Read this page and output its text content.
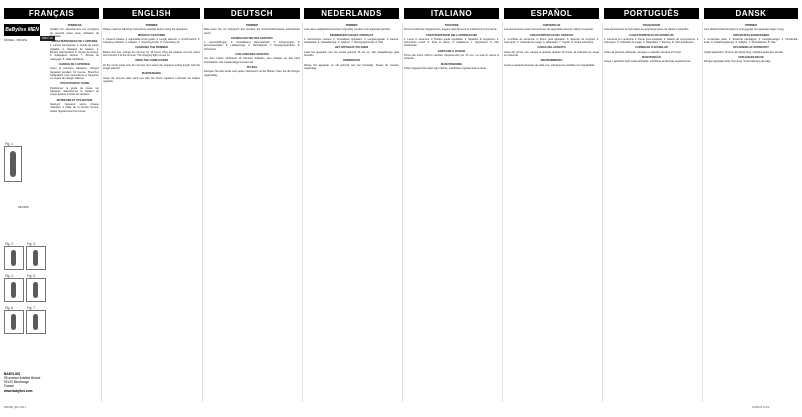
FRANÇAIS	ENGLISH	DEUTSCH	NEDERLANDS	ITALIANO	ESPAÑOL	PORTUGUÊS	DANSK
BaByliss MEN
MODEL: 3834PE	PRO 10
3834PE
Fig. 1
Fig. 2	Fig. 3
Fig. 4	Fig. 5
Fig. 6	Fig. 7
BABYLISS
99 avenue Aristide Briand
92120 Montrouge
France
www.babyliss.com
TONDEUSE
Veuillez lire attentivement les consignes de sécurité avant toute utilisation de l'appareil.
CARACTÉRISTIQUES DE L'APPAREIL
1. Lames céramiques. 2. Guide de coupe réglable. 3. Variateur de hauteur. 4. Bouton marche/arrêt. 5. Voyant de charge. 6. Adaptateur secteur. 7. Brosse de nettoyage. 8. Huile lubrifiante.
CHARGE DE L'APPAREIL
Avant la première utilisation, chargez l'appareil pendant 16 heures. Branchez l'adaptateur puis raccordez-le à l'appareil. Le voyant de charge s'allume.
UTILISATION DU GUIDE
Positionnez le guide de coupe sur l'appareil. Sélectionnez la hauteur de coupe désirée à l'aide du variateur.
ENTRETIEN ET UTILISATION
Nettoyez l'appareil après chaque utilisation à l'aide de la brosse fournie. Huilez régulièrement les lames.
TRIMMER
Please read the following instructions carefully before using the appliance.
PRODUCT FEATURES
1. Ceramic blades. 2. Adjustable comb guide. 3. Length selector. 4. On/off switch. 5. Charging indicator. 6. Adaptor. 7. Cleaning brush. 8. Lubricating oil.
CHARGING THE TRIMMER
Before first use, charge the trimmer for 16 hours. Plug the adaptor into the mains and connect it to the trimmer. The charging light comes on.
USING THE COMB GUIDES
Fit the comb guide onto the trimmer and select the required cutting length with the length selector.
MAINTENANCE
Clean the trimmer after each use with the brush supplied. Lubricate the blades regularly.
TRIMMER
Bitte lesen Sie vor Gebrauch des Gerätes die Sicherheitshinweise aufmerksam durch.
EIGENSCHAFTEN DES GERÄTES
1. Keramikklingen. 2. Verstellbarer Kammaufsatz. 3. Längenregler. 4. Ein-/Ausschalter. 5. Ladeanzeige. 6. Netzadapter. 7. Reinigungsbürste. 8. Schmieröl.
AUFLADEN DES GERÄTES
Vor dem ersten Gebrauch 16 Stunden aufladen. Den Adapter an das Netz anschließen. Die Ladeanzeige leuchtet auf.
PFLEGE
Reinigen Sie das Gerät nach jedem Gebrauch mit der Bürste. Ölen Sie die Klingen regelmäßig.
TRIMMER
Lees deze veiligheidsinstructies zorgvuldig voordat u het apparaat gebruikt.
KENMERKEN VAN HET APPARAAT
1. Keramische messen. 2. Verstelbare opzetkam. 3. Lengteregelaar. 4. Aan/uit-schakelaar. 5. Oplaadlampje. 6. Adapter. 7. Reinigingsborstel. 8. Olie.
HET APPARAAT OPLADEN
Laad het apparaat voor het eerste gebruik 16 uur op. Het oplaadlampje gaat branden.
ONDERHOUD
Reinig het apparaat na elk gebruik met het borsteltje. Smeer de messen regelmatig.
TOSATORE
Prima di utilizzare l'apparecchio, leggere attentamente le indicazioni di sicurezza.
CARATTERISTICHE DELL'APPARECCHIO
1. Lame in ceramica. 2. Pettine guida regolabile. 3. Selettore di lunghezza. 4. Interruttore on/off. 5. Spia di carica. 6. Adattatore. 7. Spazzolina. 8. Olio lubrificante.
CARICARE IL RASOIO
Prima del primo utilizzo caricare l'apparecchio per 16 ore. La spia di carica si accende.
MANUTENZIONE
Pulire l'apparecchio dopo ogni utilizzo. Lubrificare regolarmente le lame.
CORTAPELOS
Lea atentamente estas instrucciones de seguridad antes de utilizar el aparato.
CARACTERÍSTICAS DEL APARATO
1. Cuchillas de cerámica. 2. Peine guía ajustable. 3. Selector de longitud. 4. Interruptor. 5. Indicador de carga. 6. Adaptador. 7. Cepillo. 8. Aceite lubricante.
CARGA DEL APARATO
Antes del primer uso, cargue el aparato durante 16 horas. El indicador de carga se enciende.
MANTENIMIENTO
Limpie el aparato después de cada uso. Lubrique las cuchillas con regularidad.
TOSQUIADOR
Leia atentamente as instruções de segurança antes de utilizar o aparelho.
CARACTERÍSTICAS DO APARELHO
1. Lâminas em cerâmica. 2. Pente guia ajustável. 3. Seletor de comprimento. 4. Interruptor. 5. Indicador de carga. 6. Adaptador. 7. Escova. 8. Óleo lubrificante.
CARREGAR O APARELHO
Antes da primeira utilização, carregue o aparelho durante 16 horas.
MANUTENÇÃO
Limpe o aparelho após cada utilização. Lubrifique as lâminas regularmente.
TRIMMER
Læs sikkerhedsanvisningerne omhyggeligt, før apparatet tages i brug.
APPARATETS EGENSKABER
1. Keramiske skær. 2. Justerbar kamkappe. 3. Længdevælger. 4. Tænd/sluk-knap. 5. Opladningslampe. 6. Adapter. 7. Rensebørste. 8. Olie.
OPLADNING AF APPARATET
Oplad apparatet i 16 timer før første brug. Opladningslampen tænder.
VEDLIGEHOLDELSE
Rengør apparatet efter hver brug. Smør skærene jævnligt.
3834PE_BN.indd 1	10/06/13 12:00
